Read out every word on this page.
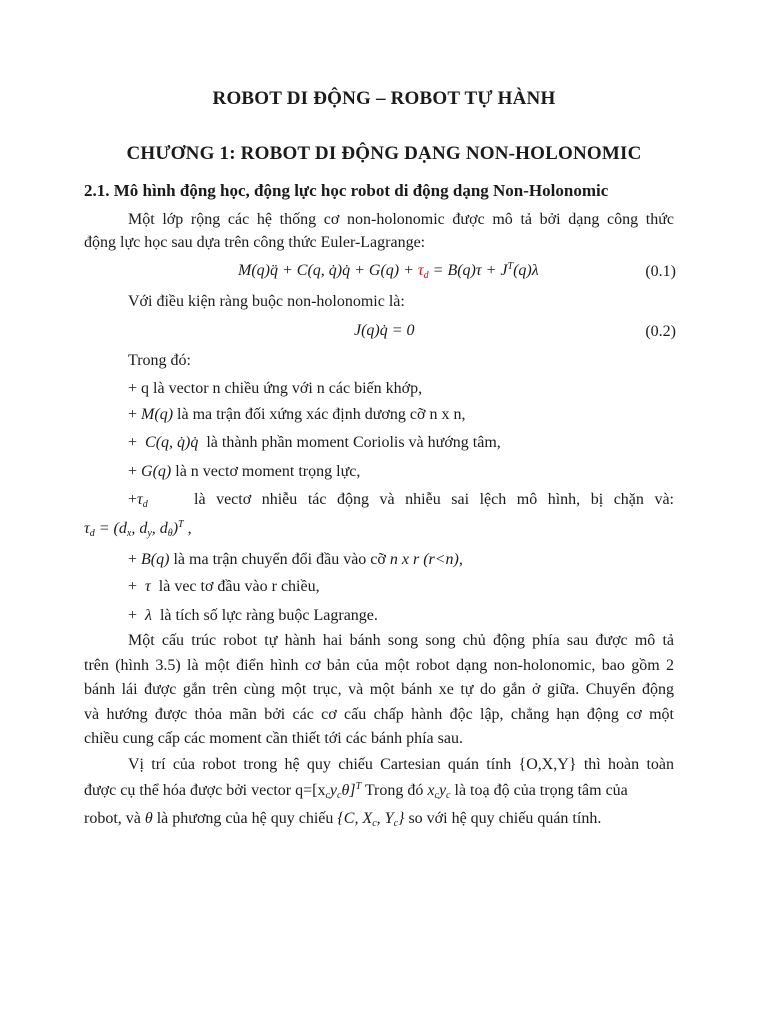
ROBOT DI ĐỘNG – ROBOT TỰ HÀNH
CHƯƠNG 1: ROBOT DI ĐỘNG DẠNG NON-HOLONOMIC
2.1. Mô hình động học, động lực học robot di động dạng Non-Holonomic
Một lớp rộng các hệ thống cơ non-holonomic được mô tả bởi dạng công thức
động lực học sau dựa trên công thức Euler-Lagrange:
M(q)q̈ + C(q, q̇)q̇ + $G(q) + \tau_d = B(q)\tau + J^T(q)\lambda$	(0.1)
Với điều kiện ràng buộc non-holonomic là:
J(q)q̇ = 0	(0.2)
Trong đó:
+ q là vector n chiều ứng với n các biến khớp,
+ M(q) là ma trận đối xứng xác định dương cỡ n x n,
+ C(q, q̇)q̇ là thành phần moment Coriolis và hướng tâm,
+ G(q) là n vectơ moment trọng lực,
$+\tau_d$	là vectơ nhiễu tác động và nhiễu sai lệch mô hình, bị chặn và:
$\tau_d = (d_x$, $d_y$, $d_\theta)^T$ ,
+ B(q) là ma trận chuyển đổi đầu vào cỡ n x r (r<n),
+ τ là vec tơ đầu vào r chiều,
+ λ là tích số lực ràng buộc Lagrange.
Một cấu trúc robot tự hành hai bánh song song chủ động phía sau được mô tả
trên (hình 3.5) là một điển hình cơ bản của một robot dạng non-holonomic, bao gồm 2
bánh lái được gắn trên cùng một trục, và một bánh xe tự do gắn ở giữa. Chuyển động
và hướng được thỏa mãn bởi các cơ cấu chấp hành độc lập, chẳng hạn động cơ một
chiều cung cấp các moment cần thiết tới các bánh phía sau.
Vị trí của robot trong hệ quy chiếu Cartesian quán tính {O,X,Y} thì hoàn toàn
được cụ thể hóa được bởi vector $q=[x_cy_c\theta]^T$ Trong đó $x_cy_c$ là toạ độ của trọng tâm của
robot, và θ là phương của hệ quy chiếu {C, $X_c$, $Y_c$} so với hệ quy chiếu quán tính.
